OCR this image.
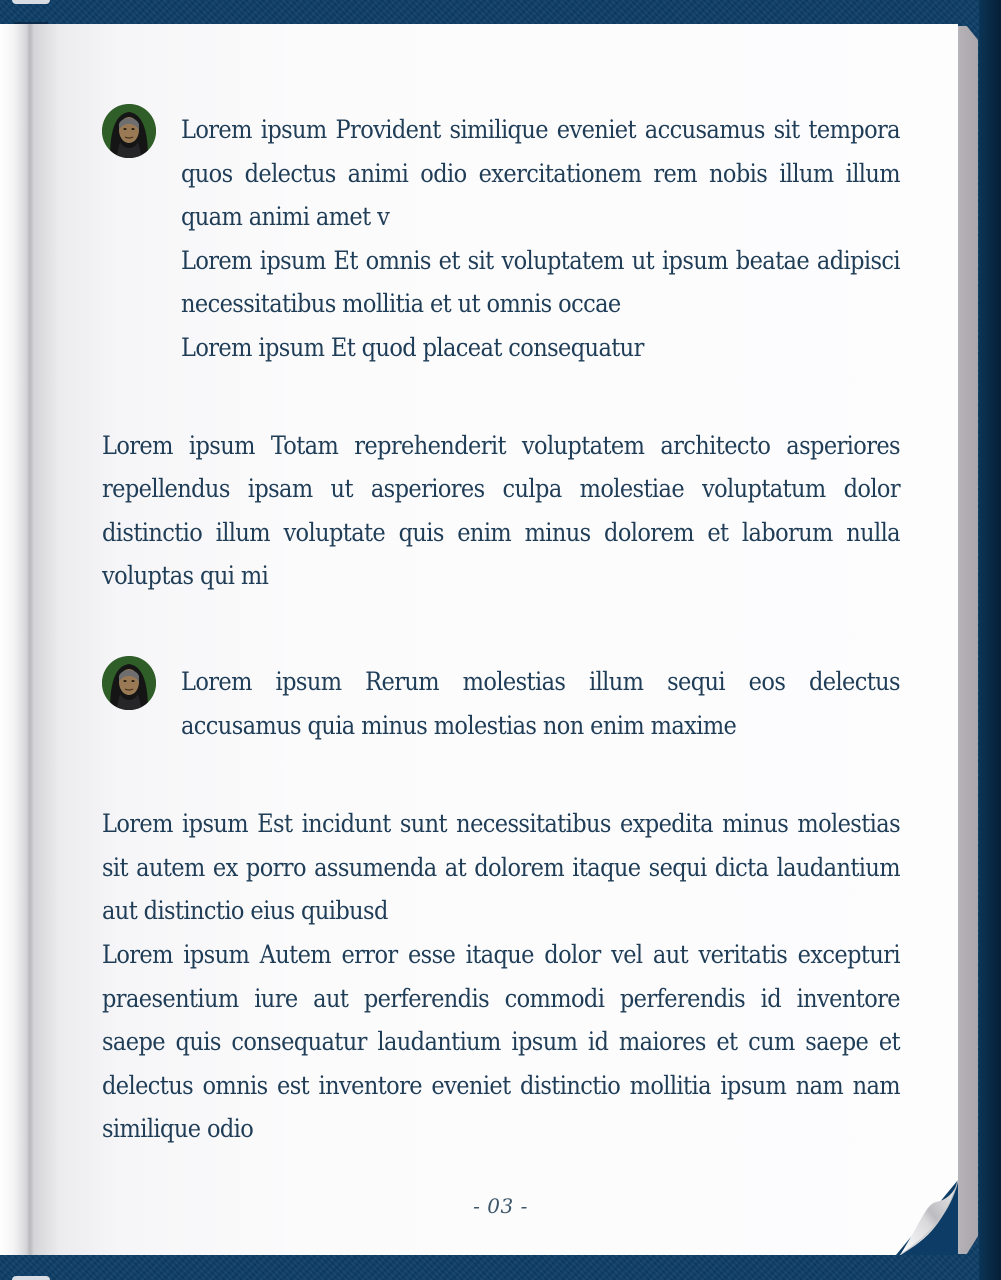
Lorem ipsum Provident similique eveniet accusamus sit tempora quos delectus animi odio exercitationem rem nobis illum illum quam animi amet v

Lorem ipsum Et omnis et sit voluptatem ut ipsum beatae adipisci necessitatibus mollitia et ut omnis occae

Lorem ipsum Et quod placeat consequatur

Lorem ipsum Totam reprehenderit voluptatem architecto asperiores repellendus ipsam ut asperiores culpa molestiae voluptatum dolor distinctio illum voluptate quis enim minus dolorem et laborum nulla voluptas qui mi

Lorem ipsum Rerum molestias illum sequi eos delectus accusamus quia minus molestias non enim maxime

Lorem ipsum Est incidunt sunt necessitatibus expedita minus molestias sit autem ex porro assumenda at dolorem itaque sequi dicta laudantium aut distinctio eius quibusd

Lorem ipsum Autem error esse itaque dolor vel aut veritatis excepturi praesentium iure aut perferendis commodi perferendis id inventore saepe quis consequatur laudantium ipsum id maiores et cum saepe et delectus omnis est inventore eveniet distinctio mollitia ipsum nam nam similique odio

- 03 -
